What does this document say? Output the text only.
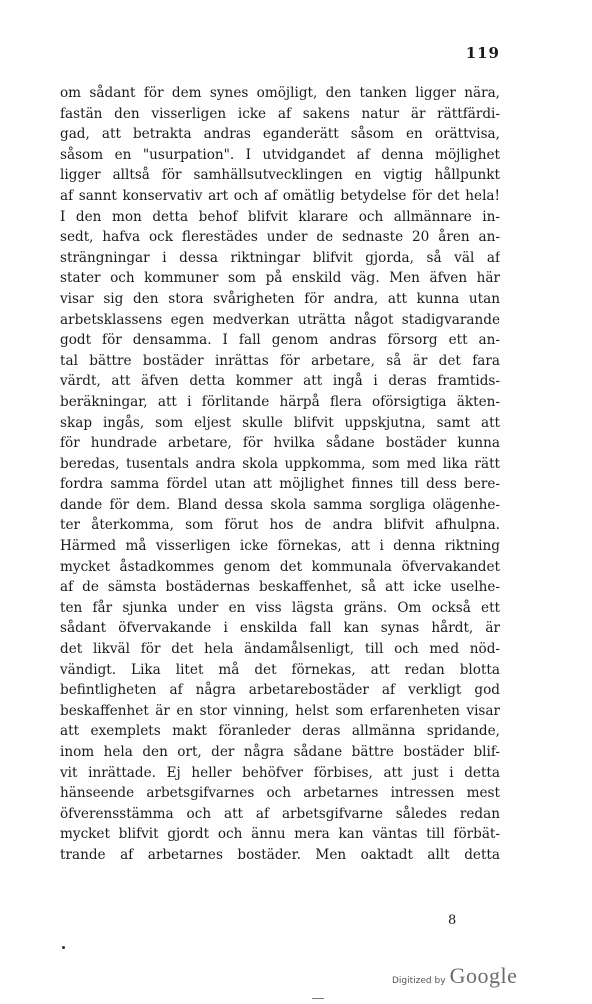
119
om sådant för dem synes omöjligt, den tanken ligger nära,
fastän den visserligen icke af sakens natur är rättfärdi-
gad, att betrakta andras eganderätt såsom en orättvisa,
såsom en "usurpation". I utvidgandet af denna möjlighet
ligger alltså för samhällsutvecklingen en vigtig hållpunkt
af sannt konservativ art och af omätlig betydelse för det hela!
I den mon detta behof blifvit klarare och allmännare in-
sedt, hafva ock flerestädes under de sednaste 20 åren an-
strängningar i dessa riktningar blifvit gjorda, så väl af
stater och kommuner som på enskild väg. Men äfven här
visar sig den stora svårigheten för andra, att kunna utan
arbetsklassens egen medverkan uträtta något stadigvarande
godt för densamma. I fall genom andras försorg ett an-
tal bättre bostäder inrättas för arbetare, så är det fara
värdt, att äfven detta kommer att ingå i deras framtids-
beräkningar, att i förlitande härpå flera oförsigtiga äkten-
skap ingås, som eljest skulle blifvit uppskjutna, samt att
för hundrade arbetare, för hvilka sådane bostäder kunna
beredas, tusentals andra skola uppkomma, som med lika rätt
fordra samma fördel utan att möjlighet finnes till dess bere-
dande för dem. Bland dessa skola samma sorgliga olägenhe-
ter återkomma, som förut hos de andra blifvit afhulpna.
Härmed må visserligen icke förnekas, att i denna riktning
mycket åstadkommes genom det kommunala öfvervakandet
af de sämsta bostädernas beskaffenhet, så att icke uselhe-
ten får sjunka under en viss lägsta gräns. Om också ett
sådant öfvervakande i enskilda fall kan synas hårdt, är
det likväl för det hela ändamålsenligt, till och med nöd-
vändigt. Lika litet må det förnekas, att redan blotta
befintligheten af några arbetarebostäder af verkligt god
beskaffenhet är en stor vinning, helst som erfarenheten visar
att exemplets makt föranleder deras allmänna spridande,
inom hela den ort, der några sådane bättre bostäder blif-
vit inrättade. Ej heller behöfver förbises, att just i detta
hänseende arbetsgifvarnes och arbetarnes intressen mest
öfverensstämma och att af arbetsgifvarne således redan
mycket blifvit gjordt och ännu mera kan väntas till förbät-
trande af arbetarnes bostäder. Men oaktadt allt detta
8
Digitized by Google
